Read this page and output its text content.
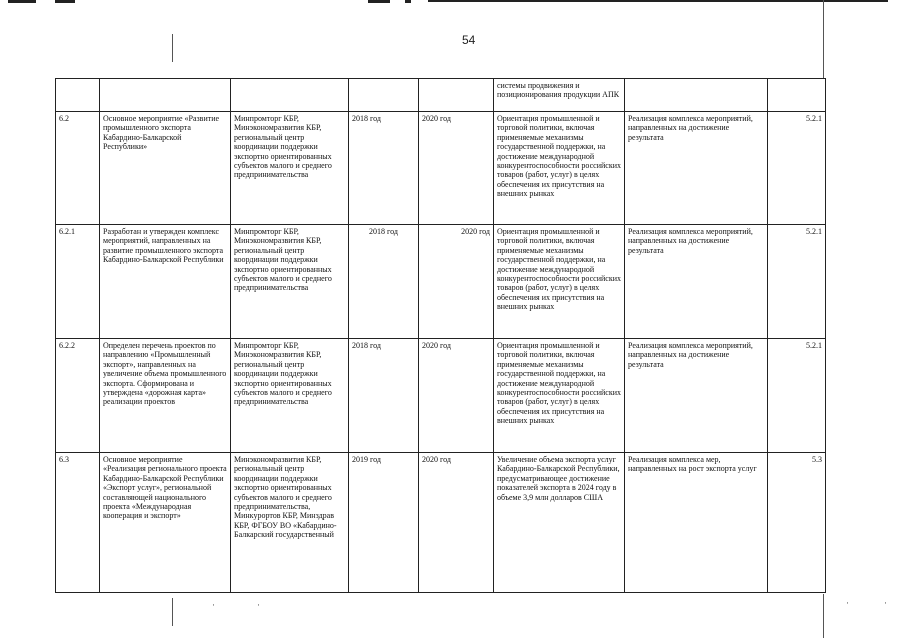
54
					системы продвижения и позиционирования продукции АПК		
6.2	Основное мероприятие «Развитие промышленного экспорта Кабардино-Балкарской Республики»	Минпромторг КБР, Минэкономразвития КБР, региональный центр координации поддержки экспортно ориентированных субъектов малого и среднего предпринимательства	2018 год	2020 год	Ориентация промышленной и торговой политики, включая применяемые механизмы государственной поддержки, на достижение международной конкурентоспособности российских товаров (работ, услуг) в целях обеспечения их присутствия на внешних рынках	Реализация комплекса мероприятий, направленных на достижение результата	5.2.1
6.2.1	Разработан и утвержден комплекс мероприятий, направленных на развитие промышленного экспорта Кабардино-Балкарской Республики	Минпромторг КБР, Минэкономразвития КБР, региональный центр координации поддержки экспортно ориентированных субъектов малого и среднего предпринимательства	2018 год	2020 год	Ориентация промышленной и торговой политики, включая применяемые механизмы государственной поддержки, на достижение международной конкурентоспособности российских товаров (работ, услуг) в целях обеспечения их присутствия на внешних рынках	Реализация комплекса мероприятий, направленных на достижение результата	5.2.1
6.2.2	Определен перечень проектов по направлению «Промышленный экспорт», направленных на увеличение объема промышленного экспорта. Сформирована и утверждена «дорожная карта» реализации проектов	Минпромторг КБР, Минэкономразвития КБР, региональный центр координации поддержки экспортно ориентированных субъектов малого и среднего предпринимательства	2018 год	2020 год	Ориентация промышленной и торговой политики, включая применяемые механизмы государственной поддержки, на достижение международной конкурентоспособности российских товаров (работ, услуг) в целях обеспечения их присутствия на внешних рынках	Реализация комплекса мероприятий, направленных на достижение результата	5.2.1
6.3	Основное мероприятие «Реализация регионального проекта Кабардино-Балкарской Республики «Экспорт услуг», региональной составляющей национального проекта «Международная кооперация и экспорт»	Минэкономразвития КБР, региональный центр координации поддержки экспортно ориентированных субъектов малого и среднего предпринимательства, Минкурортов КБР, Минздрав КБР, ФГБОУ ВО «Кабардино-Балкарский государственный	2019 год	2020 год	Увеличение объема экспорта услуг Кабардино-Балкарской Республики, предусматривающее достижение показателей экспорта в 2024 году в объеме 3,9 млн долларов США	Реализация комплекса мер, направленных на рост экспорта услуг	5.3
·	·	·	·
